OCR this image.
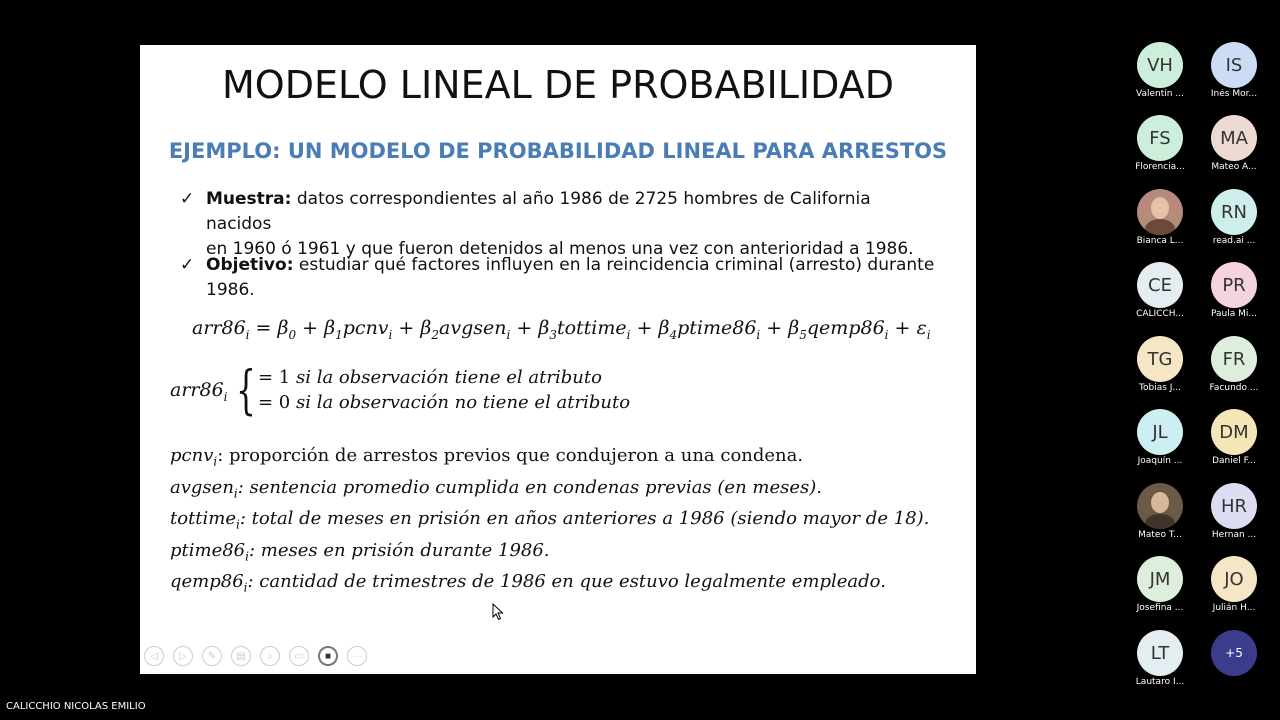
MODELO LINEAL DE PROBABILIDAD
EJEMPLO: UN MODELO DE PROBABILIDAD LINEAL PARA ARRESTOS
✓ Muestra: datos correspondientes al año 1986 de 2725 hombres de California nacidos
en 1960 ó 1961 y que fueron detenidos al menos una vez con anterioridad a 1986.
✓ Objetivo: estudiar qué factores influyen en la reincidencia criminal (arresto) durante
1986.
$arr86_i = \beta_0$ + $\beta_1pcnv_i$ + $\beta_2avgsen_i$ + $\beta_3tottime_i$ + $\beta_4ptime86_i$ + $\beta_5qemp86_i + \varepsilon_i$
$arr86_i$ { = 1 si la observación tiene el atributo
= 0 si la observación no tiene el atributo
pcnv$_i$: proporción de arrestos previos que condujeron a una condena.
avgsen$_i$: sentencia promedio cumplida en condenas previas (en meses).
tottime$_i$: total de meses en prisión en años anteriores a 1986 (siendo mayor de 18).
$ptime86_i$: meses en prisión durante 1986.
$qemp86_i$: cantidad de trimestres de 1986 en que estuvo legalmente empleado.
◁	▷	✎	▤	⌕	▭	■	···
CALICCHIO NICOLAS EMILIO
VH
Valentín ...
IS
Inés Mor...
FS
Florencia...
MA
Mateo A...
Bianca L...
RN
read.ai ...
CE
CALICCH...
PR
Paula Mi...
TG
Tobias J...
FR
Facundo ...
JL
Joaquín ...
DM
Daniel F...
Mateo T...
HR
Hernan ...
JM
Josefina ...
JO
Julián H...
LT
Lautaro I...
+5
